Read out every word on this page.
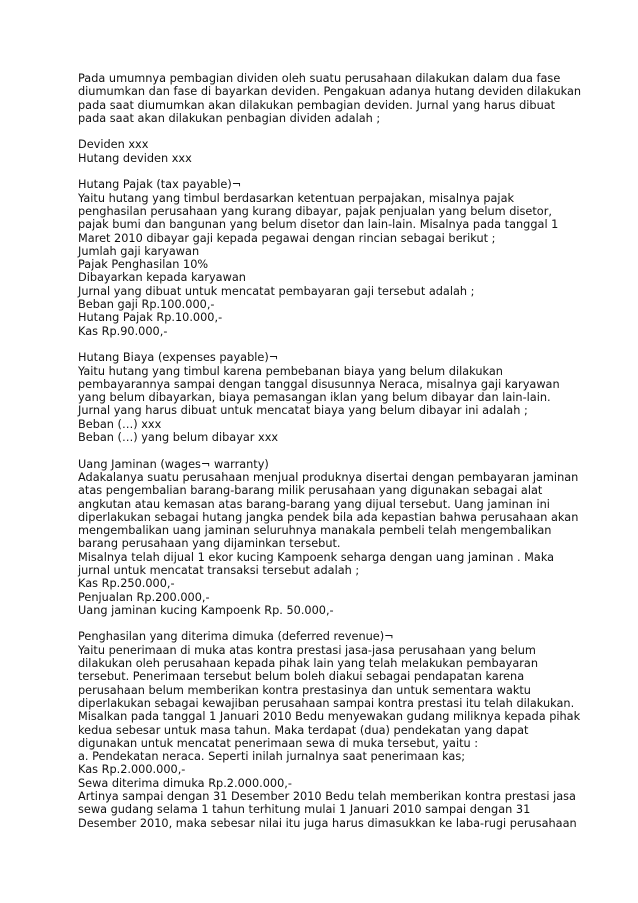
Pada umumnya pembagian dividen oleh suatu perusahaan dilakukan dalam dua fase
diumumkan dan fase di bayarkan deviden. Pengakuan adanya hutang deviden dilakukan
pada saat diumumkan akan dilakukan pembagian deviden. Jurnal yang harus dibuat
pada saat akan dilakukan penbagian dividen adalah ;
Deviden xxx
Hutang deviden xxx
Hutang Pajak (tax payable)¬
Yaitu hutang yang timbul berdasarkan ketentuan perpajakan, misalnya pajak
penghasilan perusahaan yang kurang dibayar, pajak penjualan yang belum disetor,
pajak bumi dan bangunan yang belum disetor dan lain-lain. Misalnya pada tanggal 1
Maret 2010 dibayar gaji kepada pegawai dengan rincian sebagai berikut ;
Jumlah gaji karyawan
Pajak Penghasilan 10%
Dibayarkan kepada karyawan
Jurnal yang dibuat untuk mencatat pembayaran gaji tersebut adalah ;
Beban gaji Rp.100.000,-
Hutang Pajak Rp.10.000,-
Kas Rp.90.000,-
Hutang Biaya (expenses payable)¬
Yaitu hutang yang timbul karena pembebanan biaya yang belum dilakukan
pembayarannya sampai dengan tanggal disusunnya Neraca, misalnya gaji karyawan
yang belum dibayarkan, biaya pemasangan iklan yang belum dibayar dan lain-lain.
Jurnal yang harus dibuat untuk mencatat biaya yang belum dibayar ini adalah ;
Beban (…) xxx
Beban (…) yang belum dibayar xxx
Uang Jaminan (wages¬ warranty)
Adakalanya suatu perusahaan menjual produknya disertai dengan pembayaran jaminan
atas pengembalian barang-barang milik perusahaan yang digunakan sebagai alat
angkutan atau kemasan atas barang-barang yang dijual tersebut. Uang jaminan ini
diperlakukan sebagai hutang jangka pendek bila ada kepastian bahwa perusahaan akan
mengembalikan uang jaminan seluruhnya manakala pembeli telah mengembalikan
barang perusahaan yang dijaminkan tersebut.
Misalnya telah dijual 1 ekor kucing Kampoenk seharga dengan uang jaminan . Maka
jurnal untuk mencatat transaksi tersebut adalah ;
Kas Rp.250.000,-
Penjualan Rp.200.000,-
Uang jaminan kucing Kampoenk Rp. 50.000,-
Penghasilan yang diterima dimuka (deferred revenue)¬
Yaitu penerimaan di muka atas kontra prestasi jasa-jasa perusahaan yang belum
dilakukan oleh perusahaan kepada pihak lain yang telah melakukan pembayaran
tersebut. Penerimaan tersebut belum boleh diakui sebagai pendapatan karena
perusahaan belum memberikan kontra prestasinya dan untuk sementara waktu
diperlakukan sebagai kewajiban perusahaan sampai kontra prestasi itu telah dilakukan.
Misalkan pada tanggal 1 Januari 2010 Bedu menyewakan gudang miliknya kepada pihak
kedua sebesar untuk masa tahun. Maka terdapat (dua) pendekatan yang dapat
digunakan untuk mencatat penerimaan sewa di muka tersebut, yaitu :
a. Pendekatan neraca. Seperti inilah jurnalnya saat penerimaan kas;
Kas Rp.2.000.000,-
Sewa diterima dimuka Rp.2.000.000,-
Artinya sampai dengan 31 Desember 2010 Bedu telah memberikan kontra prestasi jasa
sewa gudang selama 1 tahun terhitung mulai 1 Januari 2010 sampai dengan 31
Desember 2010, maka sebesar nilai itu juga harus dimasukkan ke laba-rugi perusahaan
